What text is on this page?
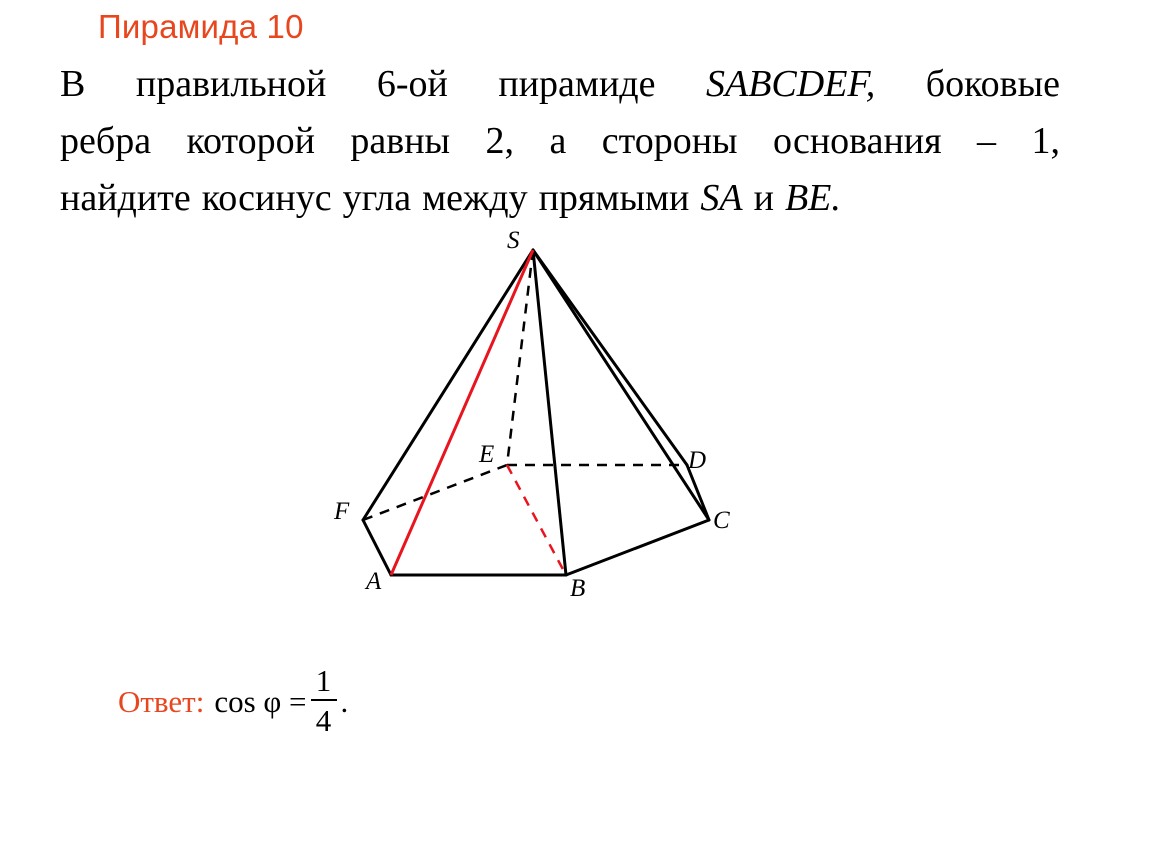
Пирамида 10
В правильной 6-ой пирамиде SABCDEF, боковые
ребра которой равны 2, а стороны основания – 1,
найдите косинус угла между прямыми SA и BE.
S
E	D
F	C
A	B
Ответ: $\cos \varphi = \frac{1}{4}$ .
